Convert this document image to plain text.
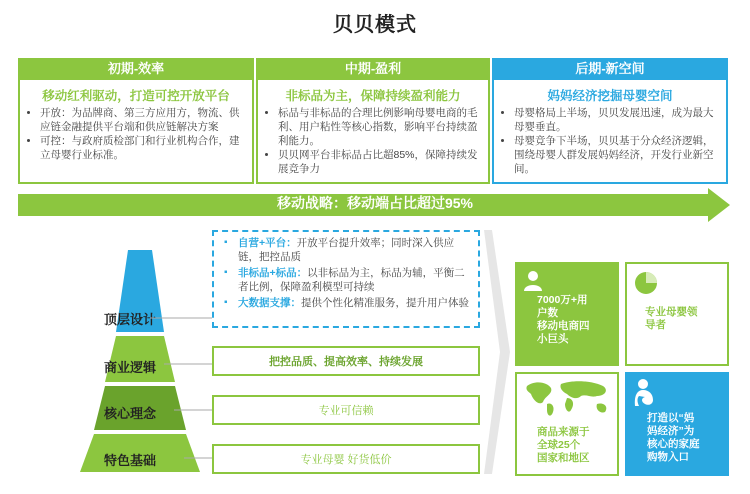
贝贝模式
初期-效率
移动红利驱动，打造可控开放平台
• 开放：为品牌商、第三方应用方，物流、供应链金融提供平台端和供应链解决方案
• 可控：与政府质检部门和行业机构合作，建立母婴行业标准。
中期-盈利
非标品为主，保障持续盈利能力
• 标品与非标品的合理比例影响母婴电商的毛利、用户粘性等核心指数，影响平台持续盈利能力。
• 贝贝网平台非标品占比超85%，保障持续发展竞争力
后期-新空间
妈妈经济挖掘母婴空间
• 母婴格局上半场，贝贝发展迅速，成为最大母婴垂直。
• 母婴竞争下半场，贝贝基于分众经济逻辑，围绕母婴人群发展妈妈经济，开发行业新空间。
移动战略：移动端占比超过95%
顶层设计
商业逻辑
核心理念
特色基础
▪ 自营+平台：开放平台提升效率；同时深入供应链，把控品质
▪ 非标品+标品：以非标品为主，标品为辅，平衡二者比例，保障盈利模型可持续
▪ 大数据支撑：提供个性化精准服务，提升用户体验
把控品质、提高效率、持续发展
专业可信赖
专业母婴 好货低价
7000万+用
户数
移动电商四
小巨头
专业母婴领
导者
商品来源于
全球25个
国家和地区
打造以“妈
妈经济”为
核心的家庭
购物入口
